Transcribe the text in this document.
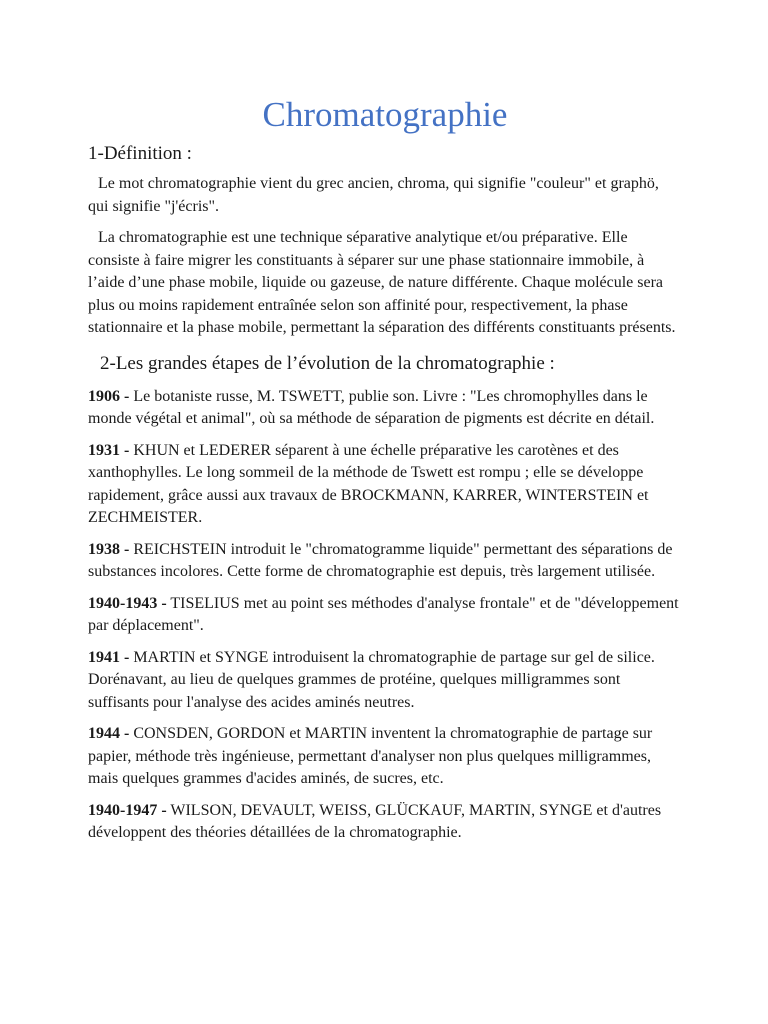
Chromatographie
1-Définition :

Le mot chromatographie vient du grec ancien, chroma, qui signifie "couleur" et graphö, qui signifie "j'écris".

La chromatographie est une technique séparative analytique et/ou préparative. Elle consiste à faire migrer les constituants à séparer sur une phase stationnaire immobile, à l’aide d’une phase mobile, liquide ou gazeuse, de nature différente. Chaque molécule sera plus ou moins rapidement entraînée selon son affinité pour, respectivement, la phase stationnaire et la phase mobile, permettant la séparation des différents constituants présents.

2-Les grandes étapes de l’évolution de la chromatographie :
1906 - Le botaniste russe, M. TSWETT, publie son. Livre : "Les chromophylles dans le monde végétal et animal", où sa méthode de séparation de pigments est décrite en détail.
1931 - KHUN et LEDERER séparent à une échelle préparative les carotènes et des xanthophylles. Le long sommeil de la méthode de Tswett est rompu ; elle se développe rapidement, grâce aussi aux travaux de BROCKMANN, KARRER, WINTERSTEIN et ZECHMEISTER.
1938 - REICHSTEIN introduit le "chromatogramme liquide" permettant des séparations de substances incolores. Cette forme de chromatographie est depuis, très largement utilisée.
1940-1943 - TISELIUS met au point ses méthodes d'analyse frontale" et de "développement par déplacement".
1941 - MARTIN et SYNGE introduisent la chromatographie de partage sur gel de silice. Dorénavant, au lieu de quelques grammes de protéine, quelques milligrammes sont suffisants pour l'analyse des acides aminés neutres.
1944 - CONSDEN, GORDON et MARTIN inventent la chromatographie de partage sur papier, méthode très ingénieuse, permettant d'analyser non plus quelques milligrammes, mais quelques grammes d'acides aminés, de sucres, etc.
1940-1947 - WILSON, DEVAULT, WEISS, GLÜCKAUF, MARTIN, SYNGE et d'autres développent des théories détaillées de la chromatographie.
